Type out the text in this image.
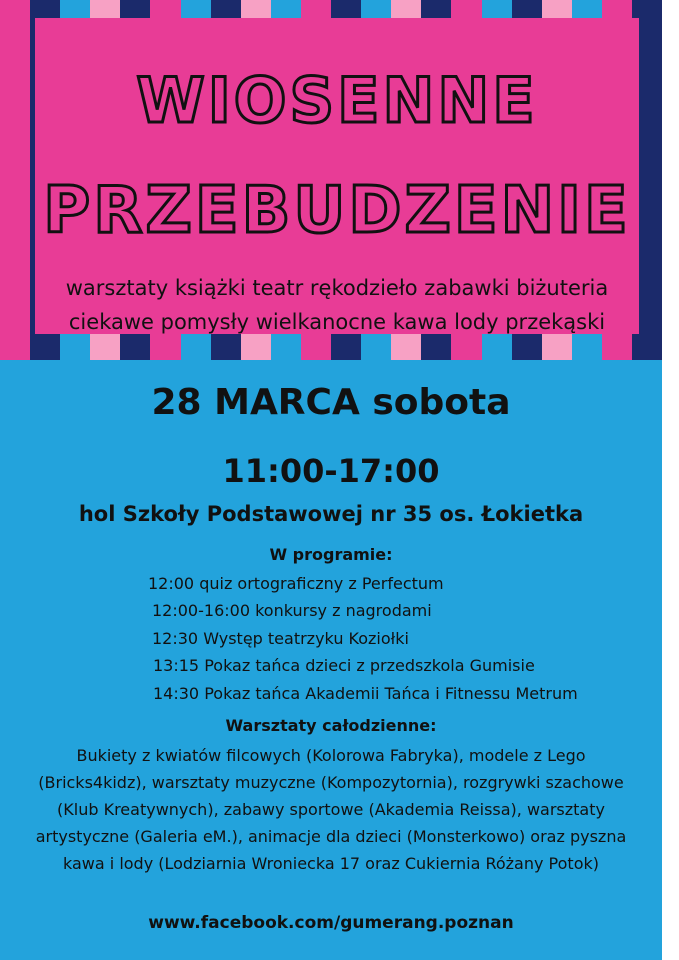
WIOSENNE
PRZEBUDZENIE

warsztaty książki teatr rękodzieło zabawki biżuteria

ciekawe pomysły wielkanocne kawa lody przekąski

28 MARCA sobota
11:00-17:00
hol Szkoły Podstawowej nr 35 os. Łokietka
W programie:
12:00 quiz ortograficzny z Perfectum
12:00-16:00 konkursy z nagrodami
12:30 Występ teatrzyku Koziołki
13:15 Pokaz tańca dzieci z przedszkola Gumisie
14:30 Pokaz tańca Akademii Tańca i Fitnessu Metrum
Warsztaty całodzienne:
Bukiety z kwiatów filcowych (Kolorowa Fabryka), modele z Lego (Bricks4kidz), warsztaty muzyczne (Kompozytornia), rozgrywki szachowe (Klub Kreatywnych), zabawy sportowe (Akademia Reissa), warsztaty artystyczne (Galeria eM.), animacje dla dzieci (Monsterkowo) oraz pyszna kawa i lody (Lodziarnia Wroniecka 17 oraz Cukiernia Różany Potok)
www.facebook.com/gumerang.poznan
